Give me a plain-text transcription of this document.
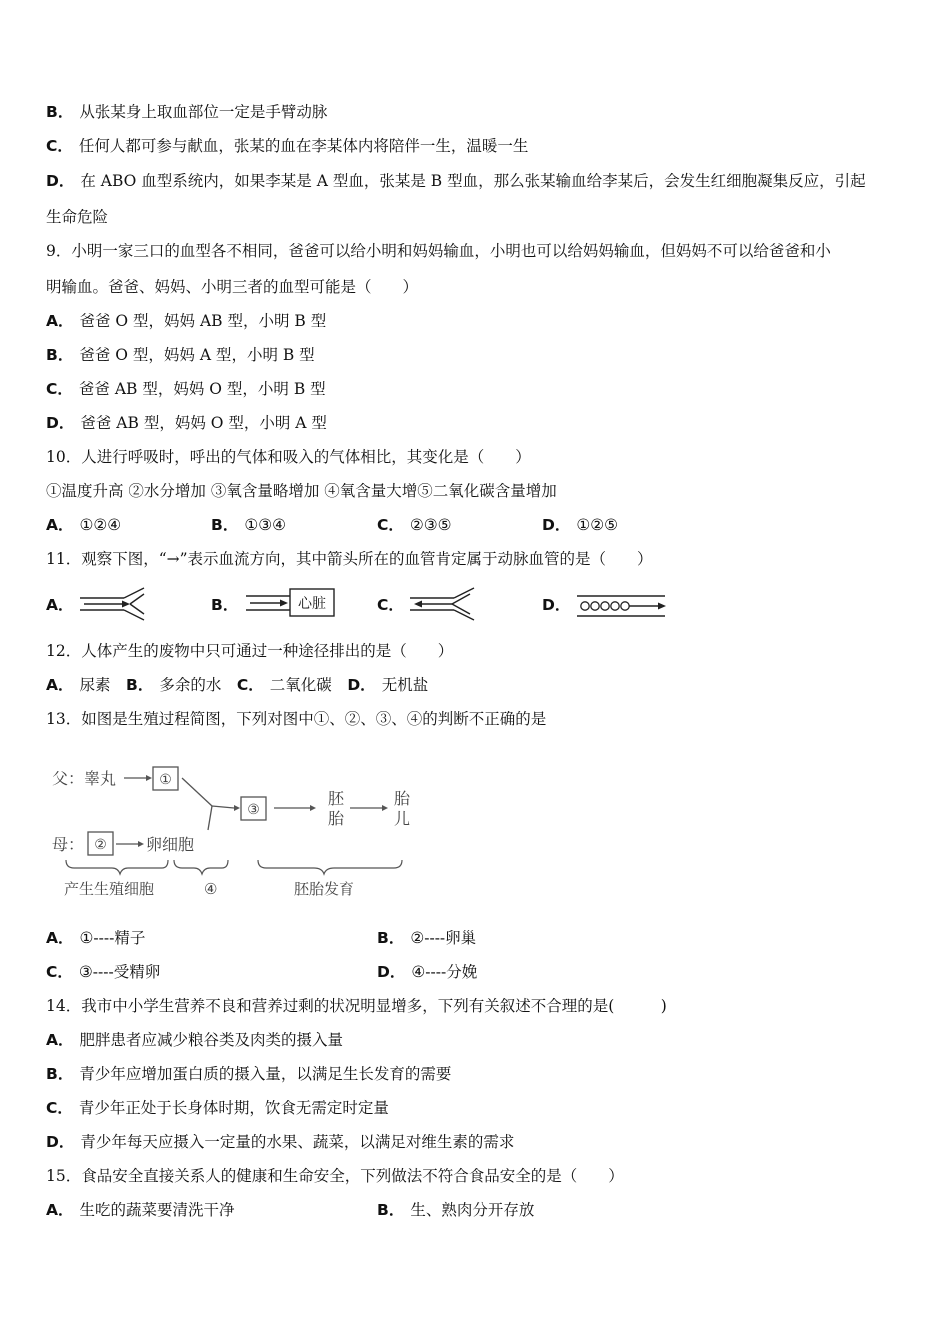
B． 从张某身上取血部位一定是手臂动脉
C． 任何人都可参与献血，张某的血在李某体内将陪伴一生，温暖一生
D． 在 ABO 血型系统内，如果李某是 A 型血，张某是 B 型血，那么张某输血给李某后，会发生红细胞凝集反应，引起
生命危险
9．小明一家三口的血型各不相同，爸爸可以给小明和妈妈输血，小明也可以给妈妈输血，但妈妈不可以给爸爸和小
明输血。爸爸、妈妈、小明三者的血型可能是（　　）
A． 爸爸 O 型，妈妈 AB 型，小明 B 型
B． 爸爸 O 型，妈妈 A 型，小明 B 型
C． 爸爸 AB 型，妈妈 O 型，小明 B 型
D． 爸爸 AB 型，妈妈 O 型，小明 A 型
10．人进行呼吸时，呼出的气体和吸入的气体相比，其变化是（　　）
①温度升高 ②水分增加 ③氧含量略增加 ④氧含量大增⑤二氧化碳含量增加
A． ①②④	B． ①③④	C． ②③⑤	D． ①②⑤
11．观察下图，“→”表示血流方向，其中箭头所在的血管肯定属于动脉血管的是（　　）
A．	B．	心脏	C．	D．
12．人体产生的废物中只可通过一种途径排出的是（　　）
A． 尿素　 B． 多余的水　 C． 二氧化碳　 D． 无机盐
13．如图是生殖过程简图，下列对图中①、②、③、④的判断不正确的是
父：睾丸
母：	卵细胞
胚
胎
胎
儿
产生生殖细胞	④	胚胎发育
①
②
③
A． ①----精子	B． ②----卵巢
C． ③----受精卵	D． ④----分娩
14．我市中小学生营养不良和营养过剩的状况明显增多，下列有关叙述不合理的是(　　　)
A． 肥胖患者应减少粮谷类及肉类的摄入量
B． 青少年应增加蛋白质的摄入量，以满足生长发育的需要
C． 青少年正处于长身体时期，饮食无需定时定量
D． 青少年每天应摄入一定量的水果、蔬菜，以满足对维生素的需求
15．食品安全直接关系人的健康和生命安全，下列做法不符合食品安全的是（　　）
A． 生吃的蔬菜要清洗干净	B． 生、熟肉分开存放
